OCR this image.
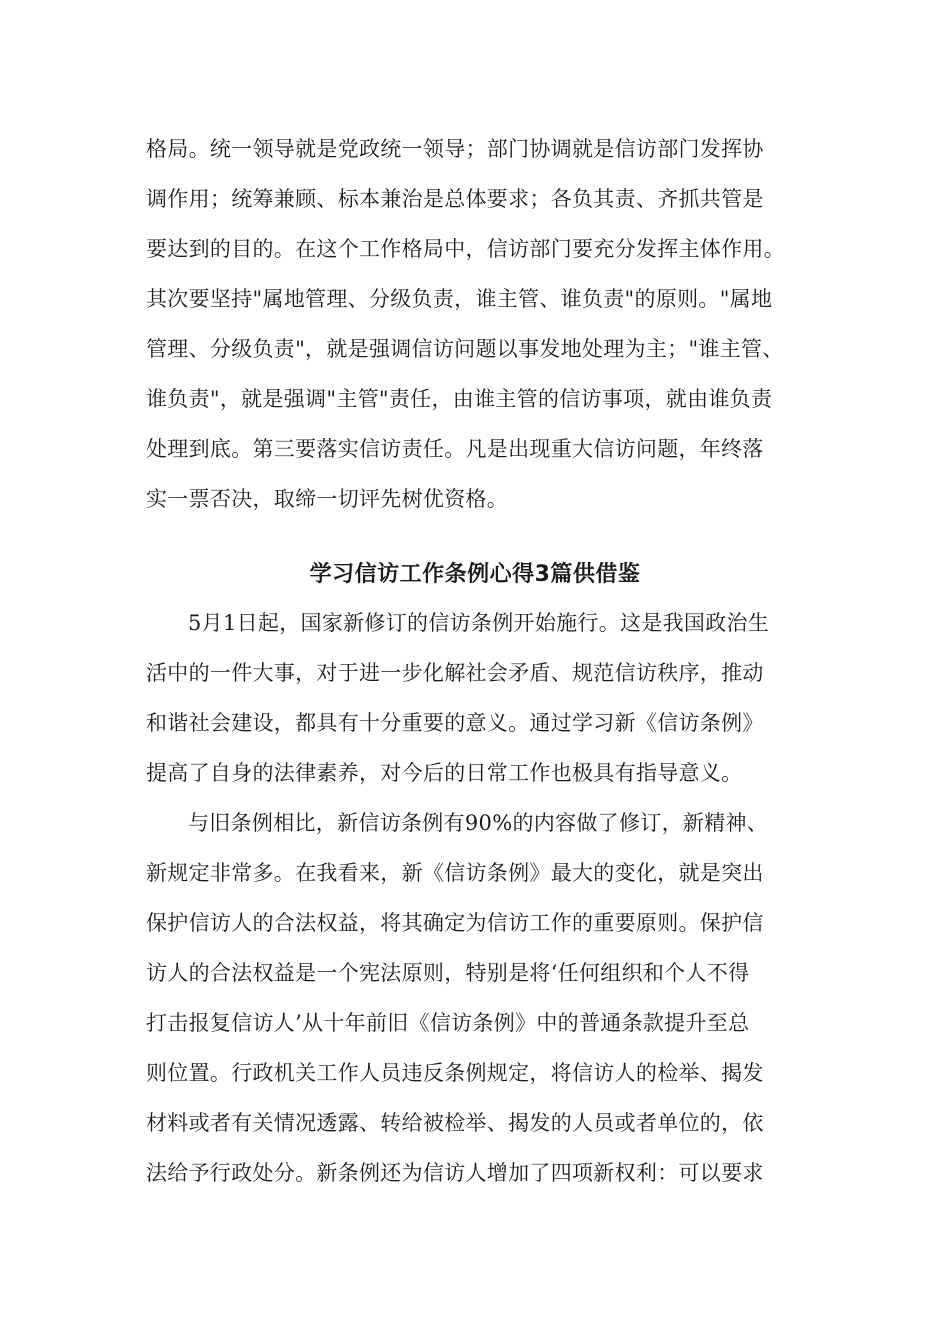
格局。统一领导就是党政统一领导；部门协调就是信访部门发挥协
调作用；统筹兼顾、标本兼治是总体要求；各负其责、齐抓共管是
要达到的目的。在这个工作格局中，信访部门要充分发挥主体作用。
其次要坚持"属地管理、分级负责，谁主管、谁负责"的原则。"属地
管理、分级负责"，就是强调信访问题以事发地处理为主；"谁主管、
谁负责"，就是强调"主管"责任，由谁主管的信访事项，就由谁负责
处理到底。第三要落实信访责任。凡是出现重大信访问题，年终落
实一票否决，取缔一切评先树优资格。
学习信访工作条例心得3篇供借鉴
5月1日起，国家新修订的信访条例开始施行。这是我国政治生
活中的一件大事，对于进一步化解社会矛盾、规范信访秩序，推动
和谐社会建设，都具有十分重要的意义。通过学习新《信访条例》
提高了自身的法律素养，对今后的日常工作也极具有指导意义。
与旧条例相比，新信访条例有90%的内容做了修订，新精神、
新规定非常多。在我看来，新《信访条例》最大的变化，就是突出
保护信访人的合法权益，将其确定为信访工作的重要原则。保护信
访人的合法权益是一个宪法原则，特别是将‘任何组织和个人不得
打击报复信访人’从十年前旧《信访条例》中的普通条款提升至总
则位置。行政机关工作人员违反条例规定，将信访人的检举、揭发
材料或者有关情况透露、转给被检举、揭发的人员或者单位的，依
法给予行政处分。新条例还为信访人增加了四项新权利：可以要求
